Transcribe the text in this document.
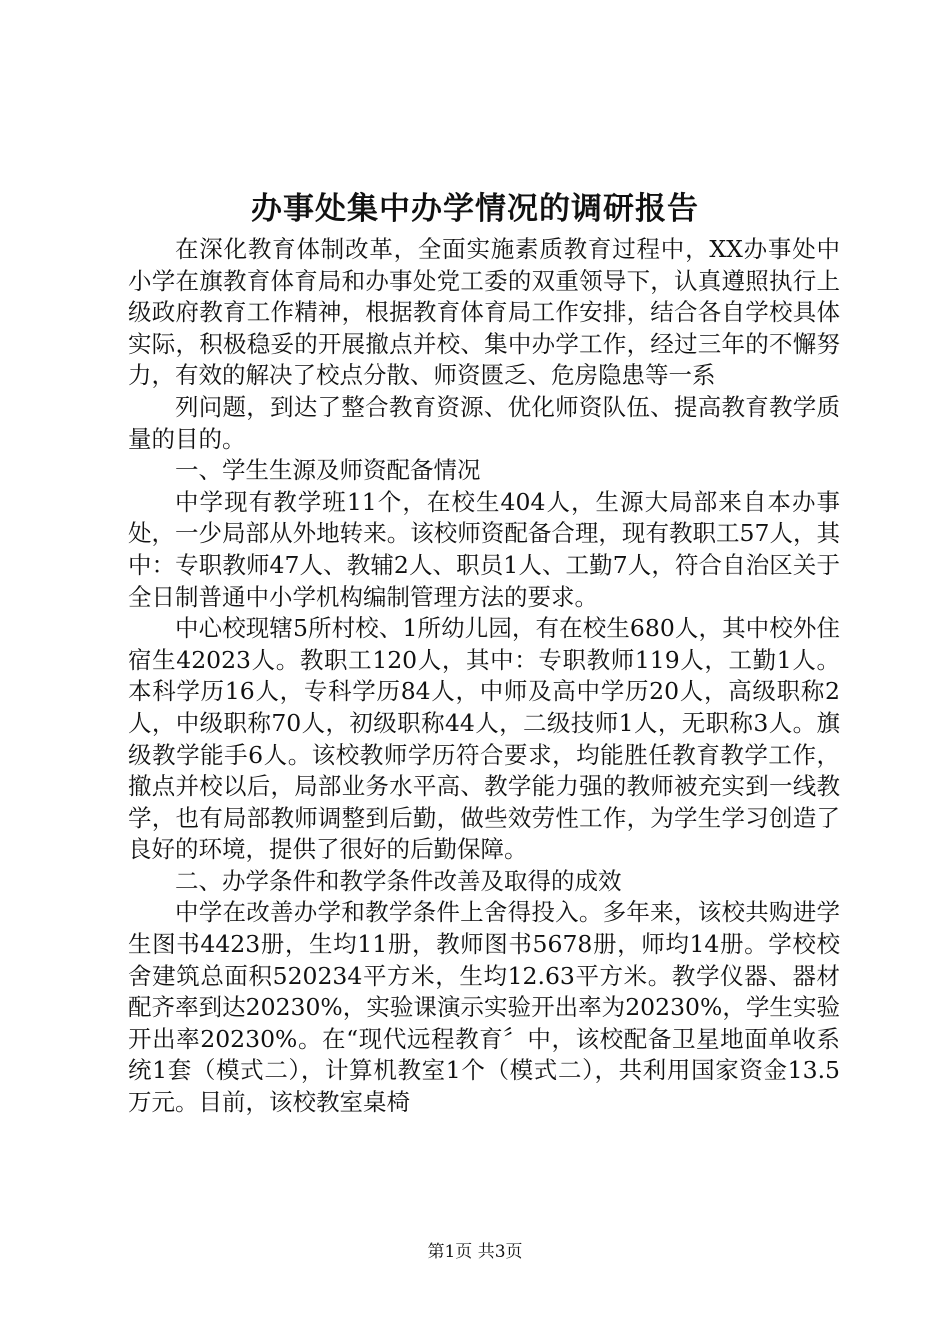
办事处集中办学情况的调研报告

在深化教育体制改革，全面实施素质教育过程中，XX办事处中小学在旗教育体育局和办事处党工委的双重领导下，认真遵照执行上级政府教育工作精神，根据教育体育局工作安排，结合各自学校具体实际，积极稳妥的开展撤点并校、集中办学工作，经过三年的不懈努力，有效的解决了校点分散、师资匮乏、危房隐患等一系

列问题，到达了整合教育资源、优化师资队伍、提高教育教学质量的目的。

一、学生生源及师资配备情况

中学现有教学班11个，在校生404人，生源大局部来自本办事处，一少局部从外地转来。该校师资配备合理，现有教职工57人，其中：专职教师47人、教辅2人、职员1人、工勤7人，符合自治区关于全日制普通中小学机构编制管理方法的要求。

中心校现辖5所村校、1所幼儿园，有在校生680人，其中校外住宿生42023人。教职工120人，其中：专职教师119人，工勤1人。本科学历16人，专科学历84人，中师及高中学历20人，高级职称2人，中级职称70人，初级职称44人，二级技师1人，无职称3人。旗级教学能手6人。该校教师学历符合要求，均能胜任教育教学工作，撤点并校以后，局部业务水平高、教学能力强的教师被充实到一线教学，也有局部教师调整到后勤，做些效劳性工作，为学生学习创造了良好的环境，提供了很好的后勤保障。

二、办学条件和教学条件改善及取得的成效

中学在改善办学和教学条件上舍得投入。多年来，该校共购进学生图书4423册，生均11册，教师图书5678册，师均14册。学校校舍建筑总面积520234平方米，生均12.63平方米。教学仪器、器材配齐率到达20230%，实验课演示实验开出率为20230%，学生实验开出率20230%。在“现代远程教育〞中，该校配备卫星地面单收系统1套（模式二），计算机教室1个（模式二），共利用国家资金13.5万元。目前，该校教室桌椅

第1页 共3页
